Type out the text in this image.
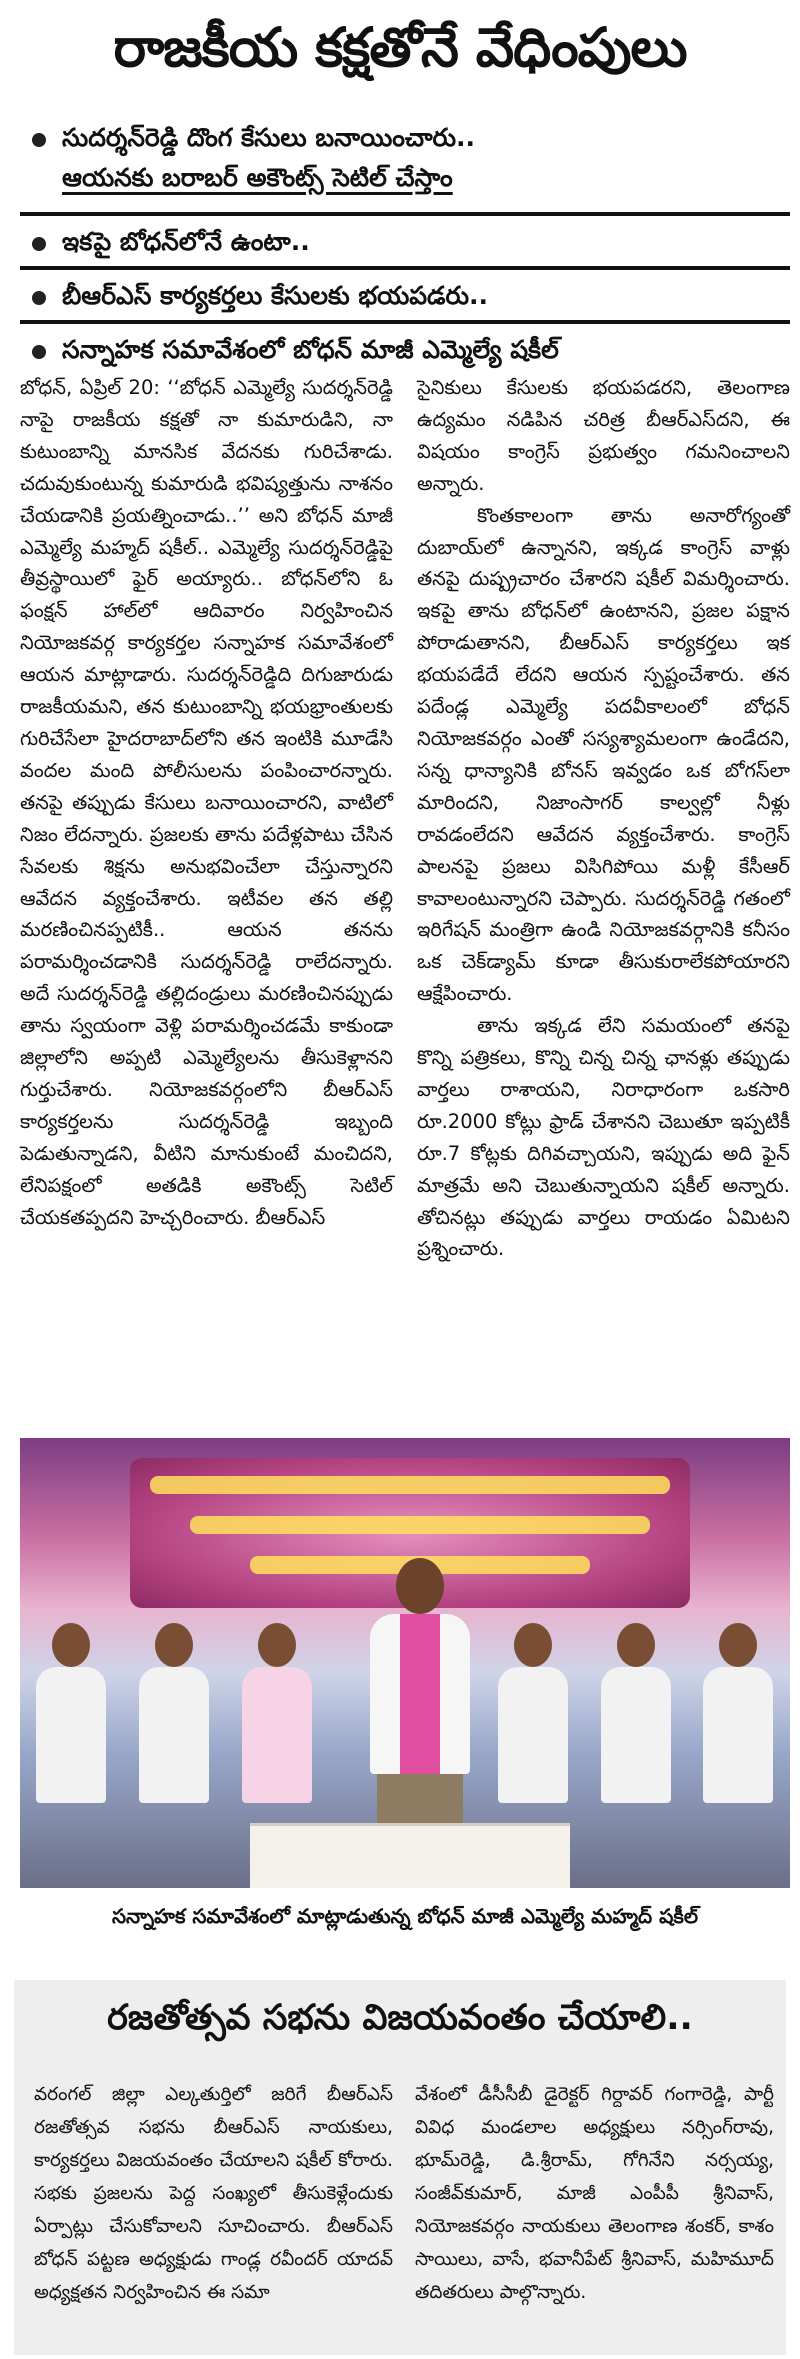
రాజకీయ కక్షతోనే వేధింపులు
సుదర్శన్‌రెడ్డి దొంగ కేసులు బనాయించారు..
ఆయనకు బరాబర్ అకౌంట్స్ సెటిల్ చేస్తాం
ఇకపై బోధన్‌లోనే ఉంటా..
బీఆర్ఎస్ కార్యకర్తలు కేసులకు భయపడరు..
సన్నాహక సమావేశంలో బోధన్ మాజీ ఎమ్మెల్యే షకీల్

బోధన్, ఏప్రిల్ 20: ‘‘బోధన్ ఎమ్మెల్యే సుదర్శన్‌రెడ్డి నాపై రాజకీయ కక్షతో నా కుమారుడిని, నా కుటుంబాన్ని మానసిక వేదనకు గురిచేశాడు. చదువుకుంటున్న కుమారుడి భవిష్యత్తును నాశనం చేయడానికి ప్రయత్నించాడు..’’ అని బోధన్ మాజీ ఎమ్మెల్యే మహ్మద్ షకీల్.. ఎమ్మెల్యే సుదర్శన్‌రెడ్డిపై తీవ్రస్థాయిలో ఫైర్ అయ్యారు.. బోధన్‌లోని ఓ ఫంక్షన్ హాల్‌లో ఆదివారం నిర్వహించిన నియోజకవర్గ కార్యకర్తల సన్నాహక సమావేశంలో ఆయన మాట్లాడారు. సుదర్శన్‌రెడ్డిది దిగుజారుడు రాజకీయమని, తన కుటుంబాన్ని భయభ్రాంతులకు గురిచేసేలా హైదరాబాద్‌లోని తన ఇంటికి మూడేసి వందల మంది పోలీసులను పంపించారన్నారు. తనపై తప్పుడు కేసులు బనాయించారని, వాటిలో నిజం లేదన్నారు. ప్రజలకు తాను పదేళ్లపాటు చేసిన సేవలకు శిక్షను అనుభవించేలా చేస్తున్నారని ఆవేదన వ్యక్తంచేశారు. ఇటీవల తన తల్లి మరణించినప్పటికీ.. ఆయన తనను పరామర్శించడానికి సుదర్శన్‌రెడ్డి రాలేదన్నారు. అదే సుదర్శన్‌రెడ్డి తల్లిదండ్రులు మరణించినప్పుడు తాను స్వయంగా వెళ్లి పరామర్శించడమే కాకుండా జిల్లాలోని అప్పటి ఎమ్మెల్యేలను తీసుకెళ్లానని గుర్తుచేశారు. నియోజకవర్గంలోని బీఆర్ఎస్ కార్యకర్తలను సుదర్శన్‌రెడ్డి ఇబ్బంది పెడుతున్నాడని, వీటిని మానుకుంటే మంచిదని, లేనిపక్షంలో అతడికి అకౌంట్స్ సెటిల్ చేయకతప్పదని హెచ్చరించారు. బీఆర్ఎస్

సైనికులు కేసులకు భయపడరని, తెలంగాణ ఉద్యమం నడిపిన చరిత్ర బీఆర్ఎస్‌దని, ఈ విషయం కాంగ్రెస్ ప్రభుత్వం గమనించాలని అన్నారు.

కొంతకాలంగా తాను అనారోగ్యంతో దుబాయ్‌లో ఉన్నానని, ఇక్కడ కాంగ్రెస్ వాళ్లు తనపై దుష్ప్రచారం చేశారని షకీల్ విమర్శించారు. ఇకపై తాను బోధన్‌లో ఉంటానని, ప్రజల పక్షాన పోరాడుతానని, బీఆర్ఎస్ కార్యకర్తలు ఇక భయపడేదే లేదని ఆయన స్పష్టంచేశారు. తన పదేండ్ల ఎమ్మెల్యే పదవీకాలంలో బోధన్ నియోజకవర్గం ఎంతో సస్యశ్యామలంగా ఉండేదని, సన్న ధాన్యానికి బోనస్ ఇవ్వడం ఒక బోగస్‌లా మారిందని, నిజాంసాగర్ కాల్వల్లో నీళ్లు రావడంలేదని ఆవేదన వ్యక్తంచేశారు. కాంగ్రెస్ పాలనపై ప్రజలు విసిగిపోయి మళ్లీ కేసీఆర్ కావాలంటున్నారని చెప్పారు. సుదర్శన్‌రెడ్డి గతంలో ఇరిగేషన్ మంత్రిగా ఉండి నియోజకవర్గానికి కనీసం ఒక చెక్‌డ్యామ్ కూడా తీసుకురాలేకపోయారని ఆక్షేపించారు.

తాను ఇక్కడ లేని సమయంలో తనపై కొన్ని పత్రికలు, కొన్ని చిన్న చిన్న ఛానళ్లు తప్పుడు వార్తలు రాశాయని, నిరాధారంగా ఒకసారి రూ.2000 కోట్లు ఫ్రాడ్ చేశానని చెబుతూ ఇప్పటికీ రూ.7 కోట్లకు దిగివచ్చాయని, ఇప్పుడు అది ఫైన్ మాత్రమే అని చెబుతున్నాయని షకీల్ అన్నారు. తోచినట్లు తప్పుడు వార్తలు రాయడం ఏమిటని ప్రశ్నించారు.

సన్నాహక సమావేశంలో మాట్లాడుతున్న బోధన్ మాజీ ఎమ్మెల్యే మహ్మద్ షకీల్
రజతోత్సవ సభను విజయవంతం చేయాలి..
వరంగల్ జిల్లా ఎల్కతుర్తిలో జరిగే బీఆర్ఎస్ రజతోత్సవ సభను బీఆర్ఎస్ నాయకులు, కార్యకర్తలు విజయవంతం చేయాలని షకీల్ కోరారు. సభకు ప్రజలను పెద్ద సంఖ్యలో తీసుకెళ్లేందుకు ఏర్పాట్లు చేసుకోవాలని సూచించారు. బీఆర్ఎస్ బోధన్ పట్టణ అధ్యక్షుడు గాండ్ల రవీందర్ యాదవ్ అధ్యక్షతన నిర్వహించిన ఈ సమా
వేశంలో డీసీసీబీ డైరెక్టర్ గిర్దావర్ గంగారెడ్డి, పార్టీ వివిధ మండలాల అధ్యక్షులు నర్సింగ్‌రావు, భూమ్‌రెడ్డి, డి.శ్రీరామ్, గోగినేని నర్సయ్య, సంజీవ్‌కుమార్, మాజీ ఎంపీపీ శ్రీనివాస్, నియోజకవర్గం నాయకులు తెలంగాణ శంకర్, కాశం సాయిలు, వాసే, భవానీపేట్ శ్రీనివాస్, మహిమూద్ తదితరులు పాల్గొన్నారు.
